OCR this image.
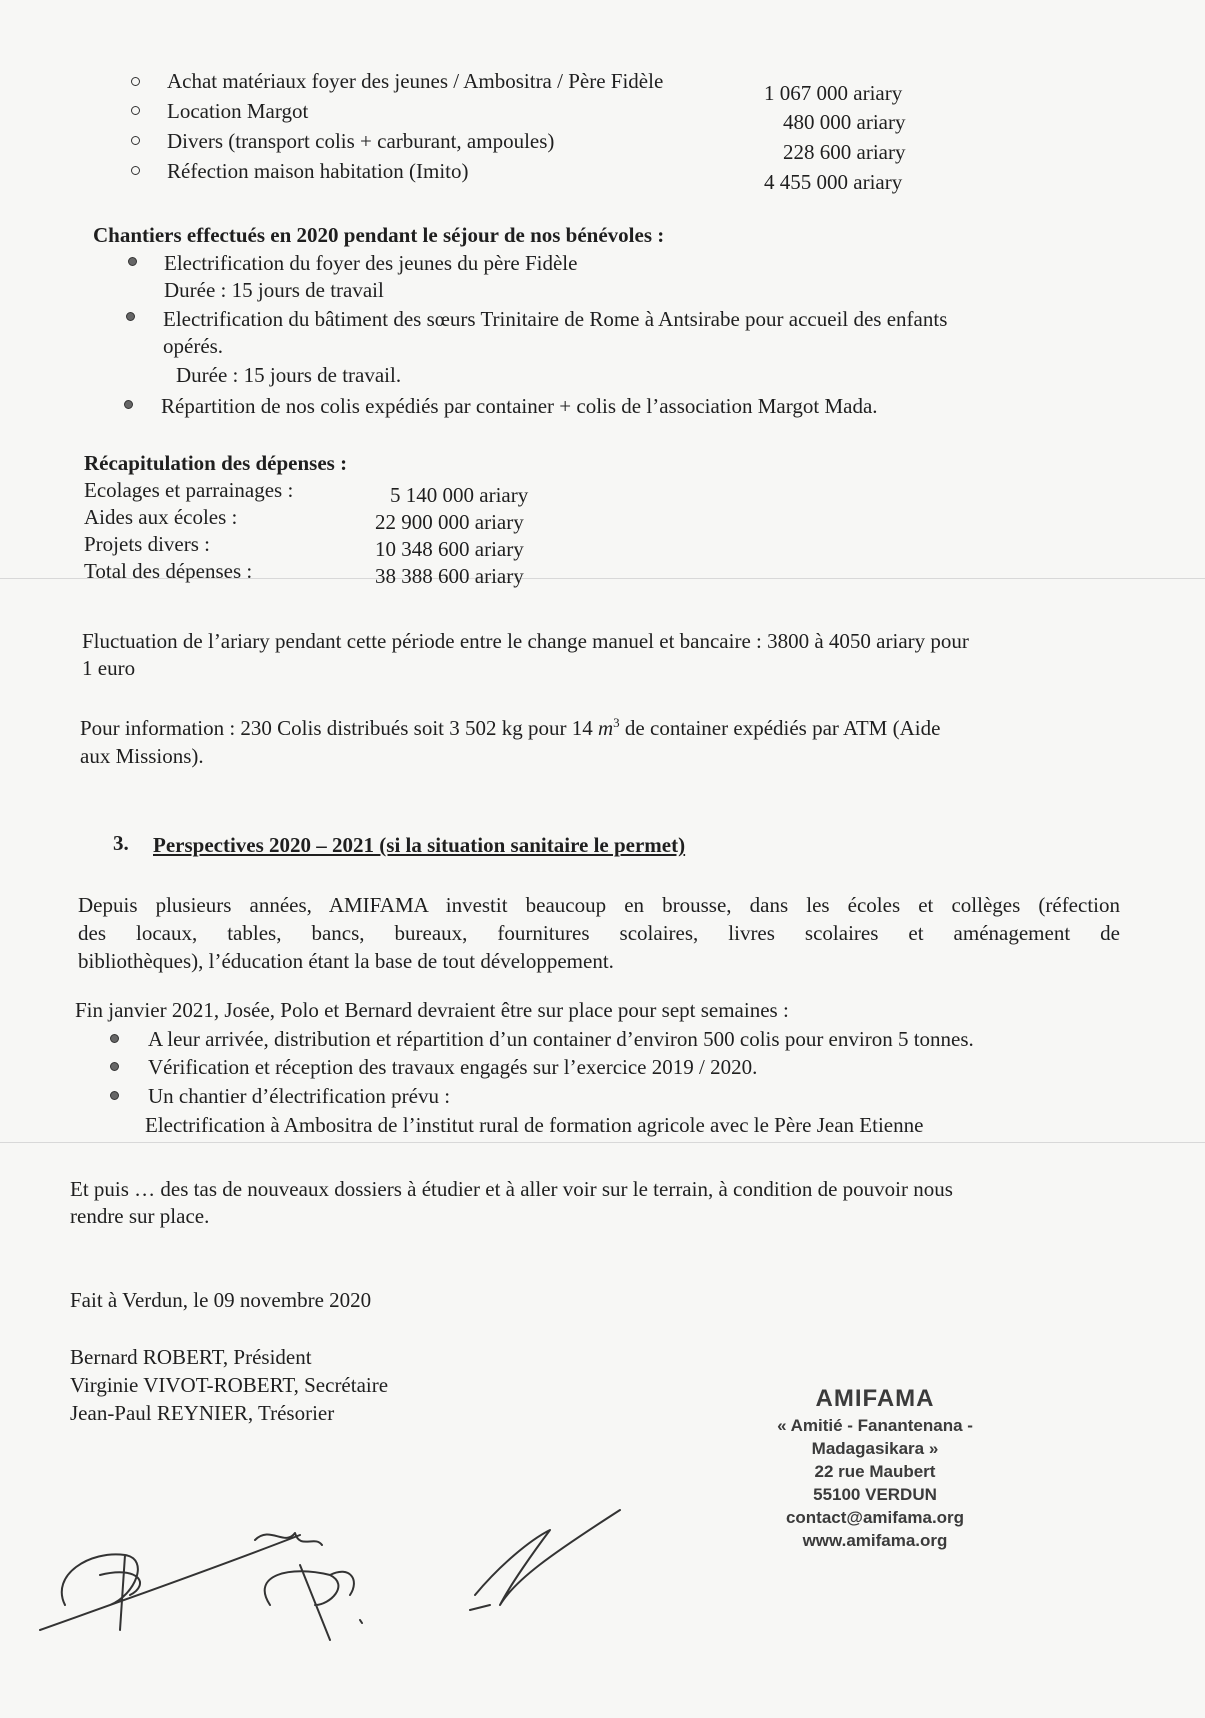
Achat matériaux foyer des jeunes / Ambositra / Père Fidèle	1 067 000 ariary
Location Margot	480 000 ariary
Divers (transport colis + carburant, ampoules)	228 600 ariary
Réfection maison habitation (Imito)	4 455 000 ariary
Chantiers effectués en 2020 pendant le séjour de nos bénévoles :
Electrification du foyer des jeunes du père Fidèle
Durée : 15 jours de travail
Electrification du bâtiment des sœurs Trinitaire de Rome à Antsirabe pour accueil des enfants
opérés.
Durée : 15 jours de travail.
Répartition de nos colis expédiés par container + colis de l’association Margot Mada.
Récapitulation des dépenses :
Ecolages et parrainages :	5 140 000 ariary
Aides aux écoles :	22 900 000 ariary
Projets divers :	10 348 600 ariary
Total des dépenses :	38 388 600 ariary
Fluctuation de l’ariary pendant cette période entre le change manuel et bancaire : 3800 à 4050 ariary pour
1 euro
Pour information : 230 Colis distribués soit 3 502 kg pour 14 $m^3$ de container expédiés par ATM (Aide
aux Missions).
3. Perspectives 2020 – 2021 (si la situation sanitaire le permet)
Depuis plusieurs années, AMIFAMA investit beaucoup en brousse, dans les écoles et collèges (réfection
des locaux, tables, bancs, bureaux, fournitures scolaires, livres scolaires et aménagement de
bibliothèques), l’éducation étant la base de tout développement.
Fin janvier 2021, Josée, Polo et Bernard devraient être sur place pour sept semaines :
A leur arrivée, distribution et répartition d’un container d’environ 500 colis pour environ 5 tonnes.
Vérification et réception des travaux engagés sur l’exercice 2019 / 2020.
Un chantier d’électrification prévu :
Electrification à Ambositra de l’institut rural de formation agricole avec le Père Jean Etienne
Et puis … des tas de nouveaux dossiers à étudier et à aller voir sur le terrain, à condition de pouvoir nous
rendre sur place.
Fait à Verdun, le 09 novembre 2020
Bernard ROBERT, Président
Virginie VIVOT-ROBERT, Secrétaire
Jean-Paul REYNIER, Trésorier
AMIFAMA
« Amitié - Fanantenana - Madagasikara »
22 rue Maubert
55100 VERDUN
contact@amifama.org
www.amifama.org
